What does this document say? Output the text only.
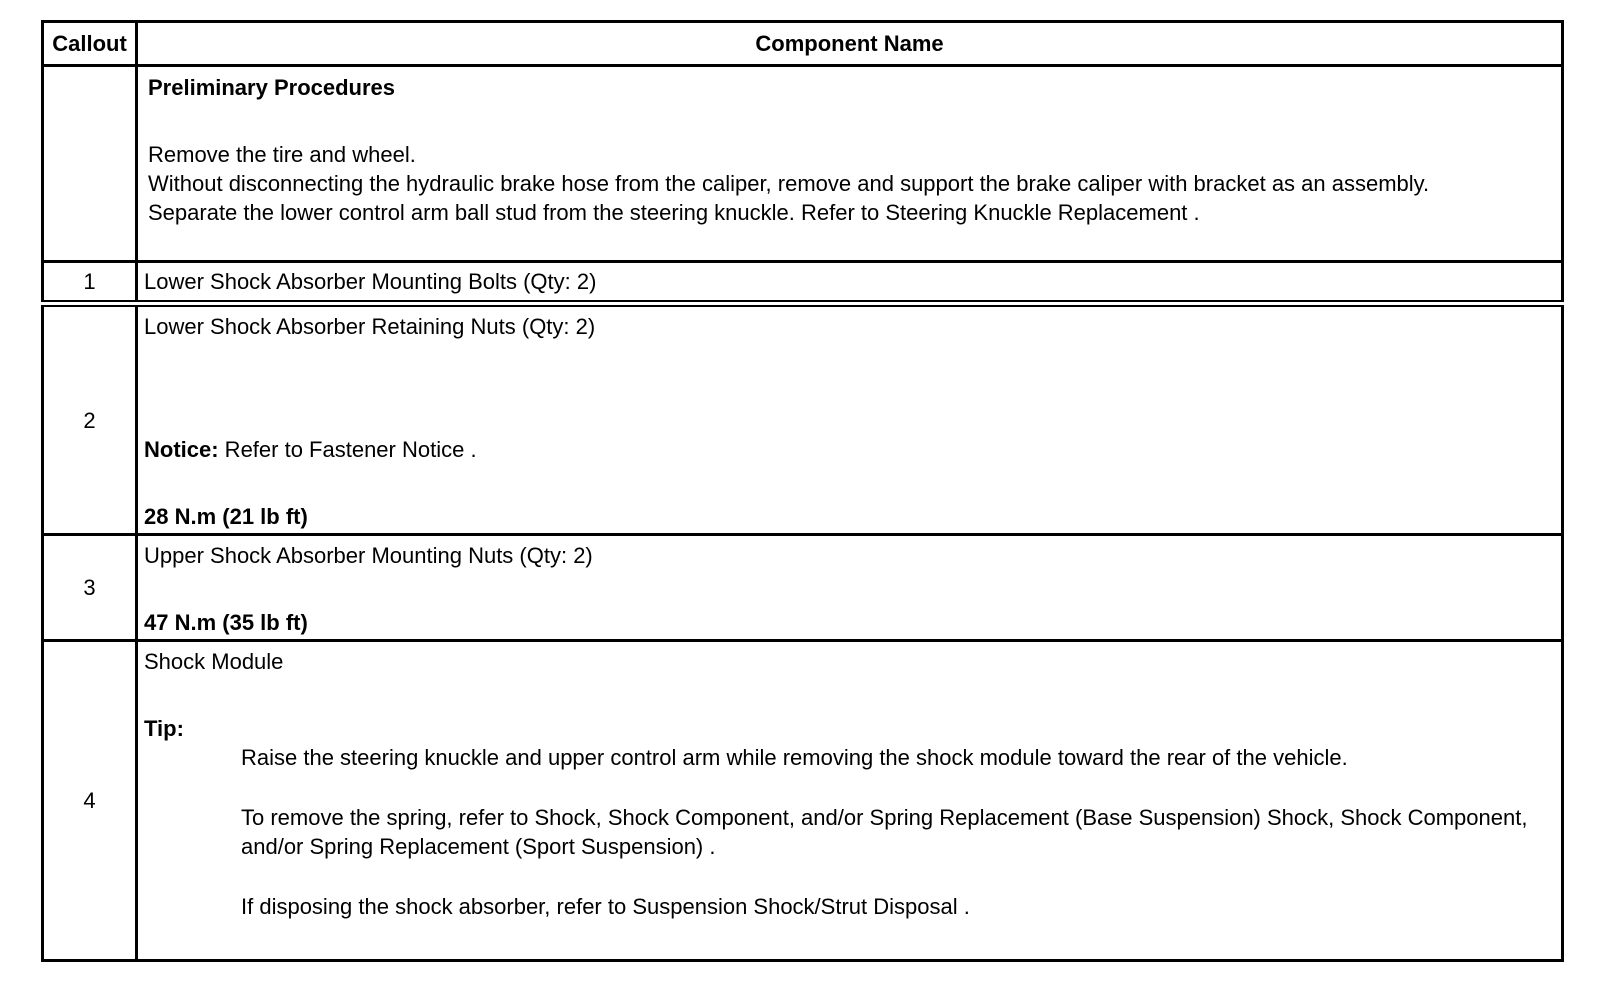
Callout	Component Name

	Preliminary Procedures
Remove the tire and wheel.
Without disconnecting the hydraulic brake hose from the caliper, remove and support the brake caliper with bracket as an assembly.
Separate the lower control arm ball stud from the steering knuckle. Refer to Steering Knuckle Replacement .

1	Lower Shock Absorber Mounting Bolts (Qty: 2)
2	Lower Shock Absorber Retaining Nuts (Qty: 2)
Notice: Refer to Fastener Notice .
28 N.m (21 lb ft)

3	Upper Shock Absorber Mounting Nuts (Qty: 2)
47 N.m (35 lb ft)

4	Shock Module
Tip:

Raise the steering knuckle and upper control arm while removing the shock module toward the rear of the vehicle.

To remove the spring, refer to Shock, Shock Component, and/or Spring Replacement (Base Suspension) Shock, Shock Component, and/or Spring Replacement (Sport Suspension) .

If disposing the shock absorber, refer to Suspension Shock/Strut Disposal .
